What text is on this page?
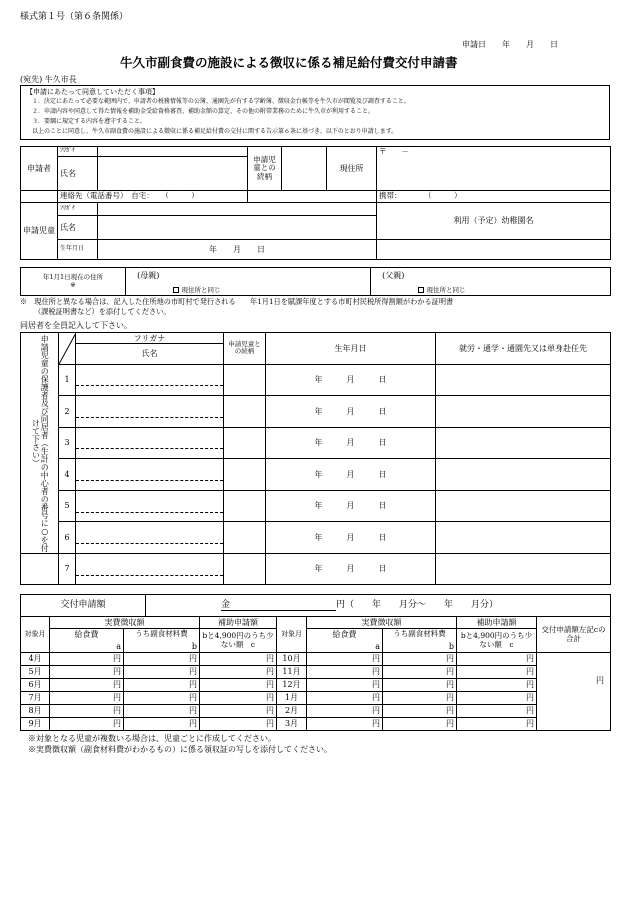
様式第１号（第６条関係）
申請日　　年　　月　　日
牛久市副食費の施設による徴収に係る補足給付費交付申請書
(宛先) 牛久市長
【申請にあたって同意していただく事項】
１．決定にあたって必要な範囲内で、申請者の税務情報等の公簿、通園先が有する学齢簿、徴収金台帳等を牛久市が閲覧及び調査すること。
２．申請内容や同意して得た情報を補助金受給資格審査、補助金額の算定、その他の附帯業務のために牛久市が利用すること。
３．要綱に規定する内容を遵守すること。
以上のことに同意し、牛久市副食費の施設による徴収に係る補足給付費の交付に関する告示第６条に基づき、以下のとおり申請します。
申請者	ﾌﾘｶﾞﾅ		申請児童との続柄		現住所	〒　　－
	氏名					
	連絡先（電話番号）　 自宅：　　（　　　）					携帯：　　　　（　　　）
申請児童	ﾌﾘｶﾞﾅ					利用（予定）幼稚園名
	氏名					
	生年月日	年　　月　　日				
年1月1日現在の住所
※	(母親)	現住所と同じ	(父親)	現住所と同じ
※　現住所と異なる場合は、記入した住所地の市町村で発行される　　年1月1日を賦課年度とする市町村民税所得割額がわかる証明書
（課税証明書など）を添付してください。
同居者を全員記入して下さい。
申請児童の保護者及び同居者（生計の中心者の番号に○を付けて下さい）		フリガナ	申請児童との続柄	生年月日	就労・通学・通園先又は単身赴任先
		氏名			
	1			年　　　月　　　日	
	2			年　　　月　　　日	
	3			年　　　月　　　日	
	4			年　　　月　　　日	
	5			年　　　月　　　日	
	6			年　　　月　　　日	
	7			年　　　月　　　日	
交付申請額	金	円（　　年　　月分～　　年　　月分）
対象月	実費徴収額		補助申請額	対象月	実費徴収額		補助申請額	交付申請額左記cの合計
	給食費	うち副食材料費	bと4,900円のうち少ない額　c		給食費	うち副食材料費	bと4,900円のうち少ない額　c	
	a	b			a	b		
4月	円	円	円	10月	円	円	円	
5月	円	円	円	11月	円	円	円	円
6月	円	円	円	12月	円	円	円	
7月	円	円	円	1月	円	円	円	
8月	円	円	円	2月	円	円	円	
9月	円	円	円	3月	円	円	円	
※対象となる児童が複数いる場合は、児童ごとに作成してください。
※実費徴収額（副食材料費がわかるもの）に係る領収証の写しを添付してください。
